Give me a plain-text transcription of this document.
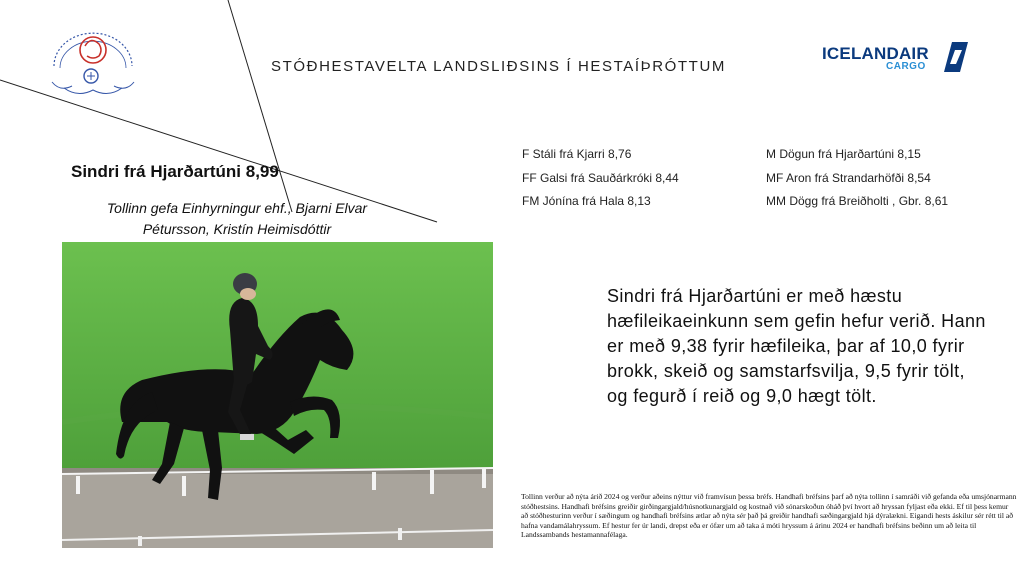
STÓÐHESTAVELTA LANDSLIÐSINS Í HESTAÍÞRÓTTUM
ICELANDAIR
CARGO
Sindri frá Hjarðartúni 8,99
Tollinn gefa Einhyrningur ehf., Bjarni Elvar Pétursson, Kristín Heimisdóttir
F Stáli frá Kjarri 8,76
FF Galsi frá Sauðárkróki 8,44
FM Jónína frá Hala 8,13
M Dögun frá Hjarðartúni 8,15
MF Aron frá Strandarhöfði 8,54
MM Dögg frá Breiðholti , Gbr. 8,61
Sindri frá Hjarðartúni er með hæstu hæfileikaeinkunn sem gefin hefur verið. Hann er með 9,38 fyrir hæfileika, þar af 10,0 fyrir brokk, skeið og samstarfsvilja, 9,5 fyrir tölt, og fegurð í reið og 9,0 hægt tölt.
Tollinn verður að nýta árið 2024 og verður aðeins nýttur við framvísun þessa bréfs. Handhafi bréfsins þarf að nýta tollinn í samráði við gefanda eða umsjónarmann stóðhestsins. Handhafi bréfsins greiðir girðingargjald/húsnotkunargjald og kostnað við sónarskoðun óháð því hvort að hryssan fyljast eða ekki. Ef til þess kemur að stóðhesturinn verður í sæðingum og handhafi bréfsins ætlar að nýta sér það þá greiðir handhafi sæðingargjald hjá dýralækni. Eigandi hests áskilur sér rétt til að hafna vandamálahryssum. Ef hestur fer úr landi, drepst eða er ófær um að taka á móti hryssum á árinu 2024 er handhafi bréfsins beðinn um að leita til Landssambands hestamannafélaga.
